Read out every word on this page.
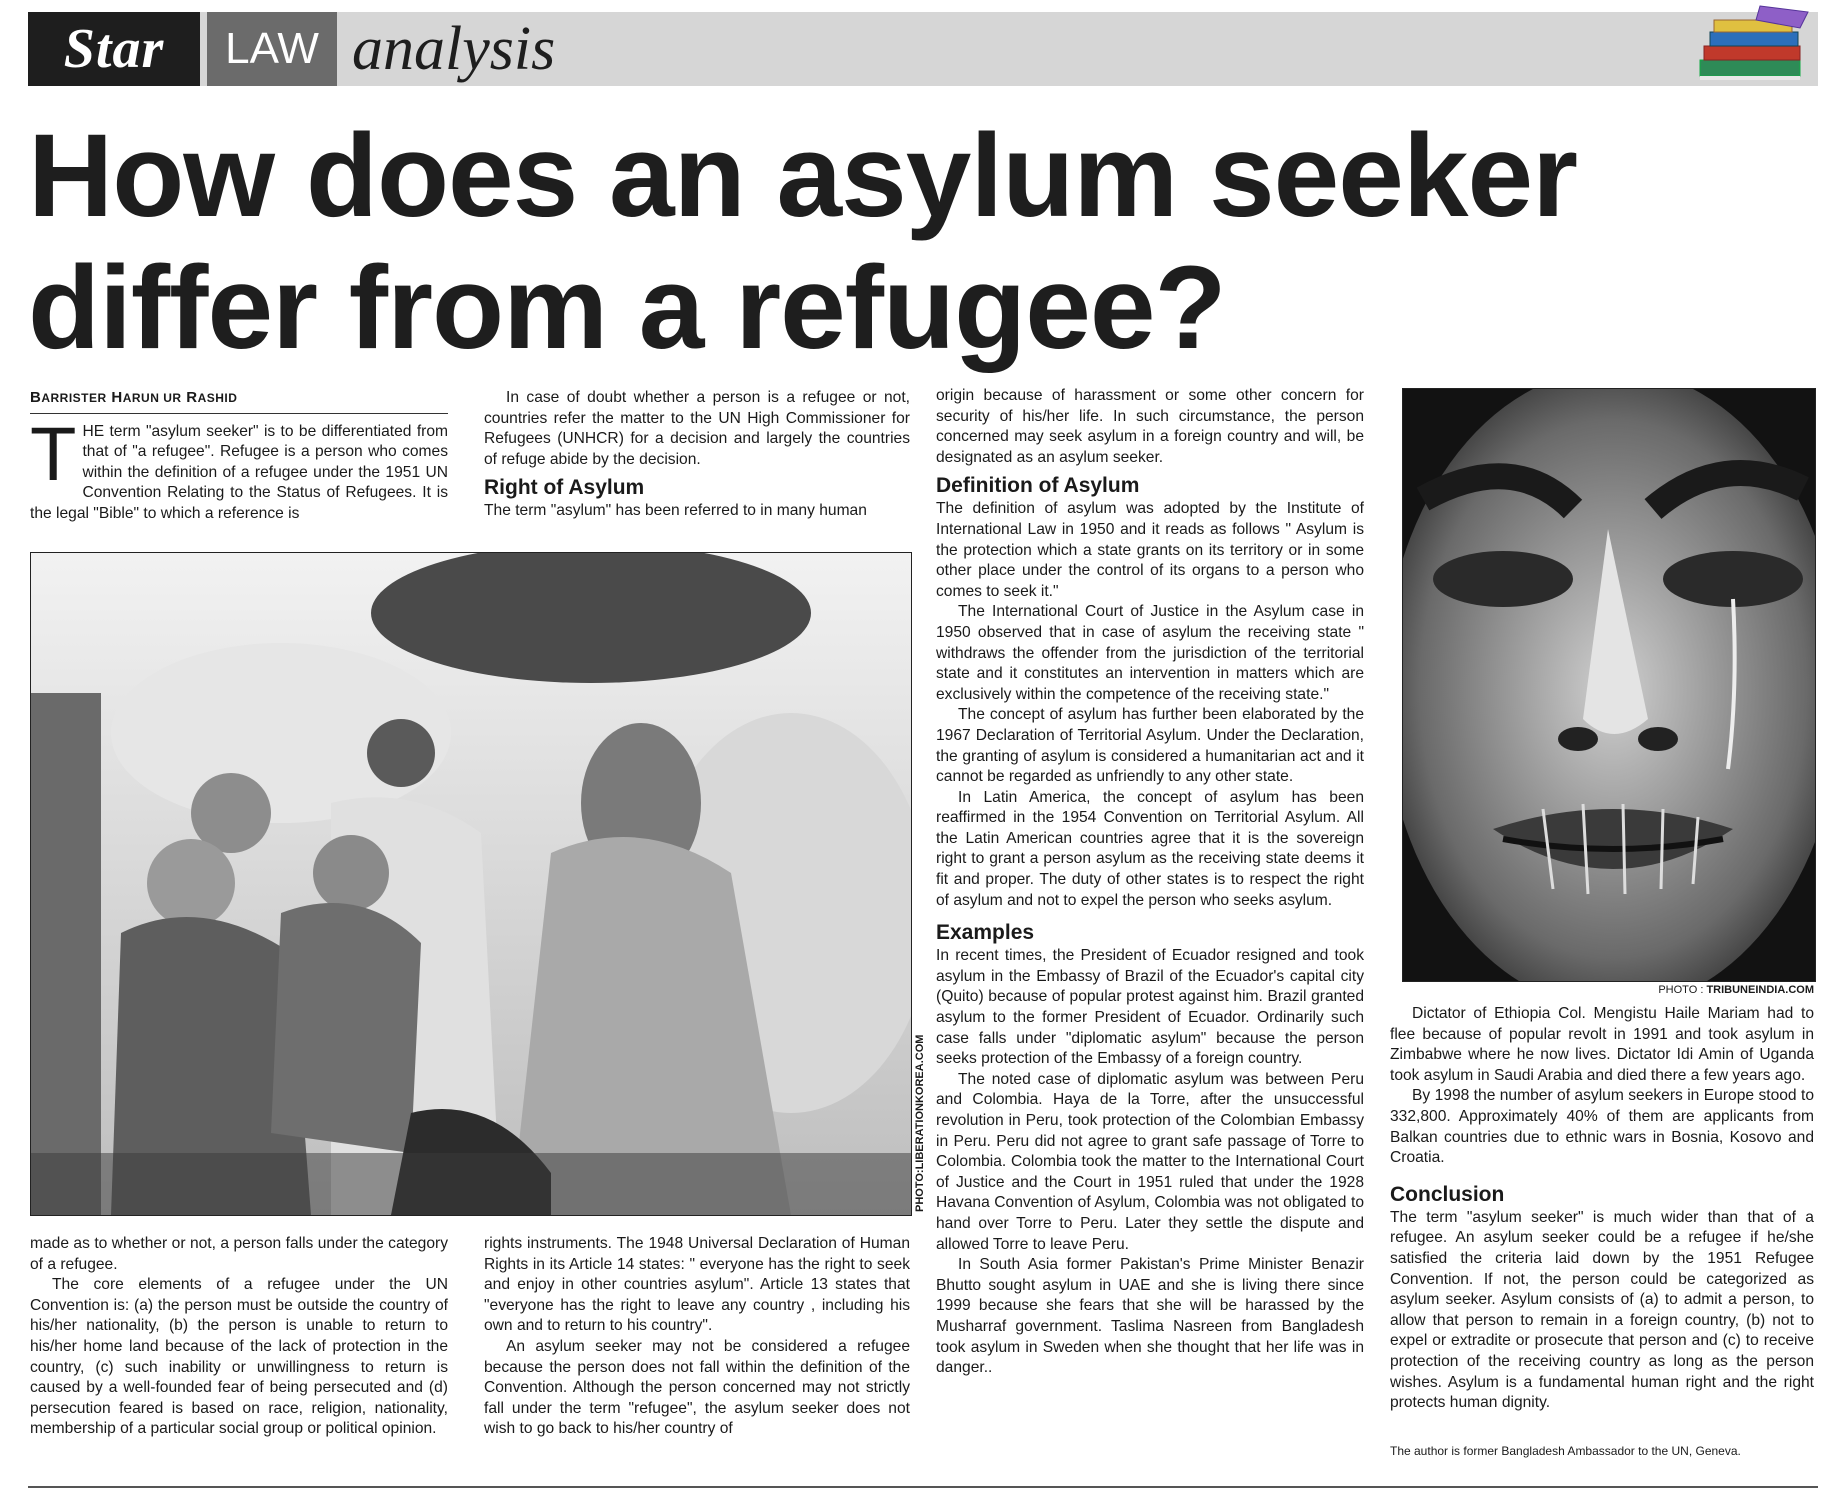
Star	LAW analysis
How does an asylum seeker
differ from a refugee?
BARRISTER HARUN UR RASHID
T HE term "asylum seeker" is to be differentiated from that of "a refugee". Refugee is a person who comes within the definition of a refugee under the 1951 UN Convention Relating to the Status of Refugees. It is the legal "Bible" to which a reference is

In case of doubt whether a person is a refugee or not, countries refer the matter to the UN High Commissioner for Refugees (UNHCR) for a decision and largely the countries of refuge abide by the decision.

Right of Asylum

The term "asylum" has been referred to in many human

PHOTO:LIBERATIONKOREA.COM

made as to whether or not, a person falls under the category of a refugee.

The core elements of a refugee under the UN Convention is: (a) the person must be outside the country of his/her nationality, (b) the person is unable to return to his/her home land because of the lack of protection in the country, (c) such inability or unwillingness to return is caused by a well-founded fear of being persecuted and (d) persecution feared is based on race, religion, nationality, membership of a particular social group or political opinion.

rights instruments. The 1948 Universal Declaration of Human Rights in its Article 14 states: " everyone has the right to seek and enjoy in other countries asylum". Article 13 states that "everyone has the right to leave any country , including his own and to return to his country".

An asylum seeker may not be considered a refugee because the person does not fall within the definition of the Convention. Although the person concerned may not strictly fall under the term "refugee", the asylum seeker does not wish to go back to his/her country of

origin because of harassment or some other concern for security of his/her life. In such circumstance, the person concerned may seek asylum in a foreign country and will, be designated as an asylum seeker.

Definition of Asylum

The definition of asylum was adopted by the Institute of International Law in 1950 and it reads as follows " Asylum is the protection which a state grants on its territory or in some other place under the control of its organs to a person who comes to seek it."

The International Court of Justice in the Asylum case in 1950 observed that in case of asylum the receiving state " withdraws the offender from the jurisdiction of the territorial state and it constitutes an intervention in matters which are exclusively within the competence of the receiving state."

The concept of asylum has further been elaborated by the 1967 Declaration of Territorial Asylum. Under the Declaration, the granting of asylum is considered a humanitarian act and it cannot be regarded as unfriendly to any other state.

In Latin America, the concept of asylum has been reaffirmed in the 1954 Convention on Territorial Asylum. All the Latin American countries agree that it is the sovereign right to grant a person asylum as the receiving state deems it fit and proper. The duty of other states is to respect the right of asylum and not to expel the person who seeks asylum.

Examples

In recent times, the President of Ecuador resigned and took asylum in the Embassy of Brazil of the Ecuador's capital city (Quito) because of popular protest against him. Brazil granted asylum to the former President of Ecuador. Ordinarily such case falls under "diplomatic asylum" because the person seeks protection of the Embassy of a foreign country.

The noted case of diplomatic asylum was between Peru and Colombia. Haya de la Torre, after the unsuccessful revolution in Peru, took protection of the Colombian Embassy in Peru. Peru did not agree to grant safe passage of Torre to Colombia. Colombia took the matter to the International Court of Justice and the Court in 1951 ruled that under the 1928 Havana Convention of Asylum, Colombia was not obligated to hand over Torre to Peru. Later they settle the dispute and allowed Torre to leave Peru.

In South Asia former Pakistan's Prime Minister Benazir Bhutto sought asylum in UAE and she is living there since 1999 because she fears that she will be harassed by the Musharraf government. Taslima Nasreen from Bangladesh took asylum in Sweden when she thought that her life was in danger..

PHOTO : TRIBUNEINDIA.COM

Dictator of Ethiopia Col. Mengistu Haile Mariam had to flee because of popular revolt in 1991 and took asylum in Zimbabwe where he now lives. Dictator Idi Amin of Uganda took asylum in Saudi Arabia and died there a few years ago.

By 1998 the number of asylum seekers in Europe stood to 332,800. Approximately 40% of them are applicants from Balkan countries due to ethnic wars in Bosnia, Kosovo and Croatia.

Conclusion

The term "asylum seeker" is much wider than that of a refugee. An asylum seeker could be a refugee if he/she satisfied the criteria laid down by the 1951 Refugee Convention. If not, the person could be categorized as asylum seeker. Asylum consists of (a) to admit a person, to allow that person to remain in a foreign country, (b) not to expel or extradite or prosecute that person and (c) to receive protection of the receiving country as long as the person wishes. Asylum is a fundamental human right and the right protects human dignity.

The author is former Bangladesh Ambassador to the UN, Geneva.
